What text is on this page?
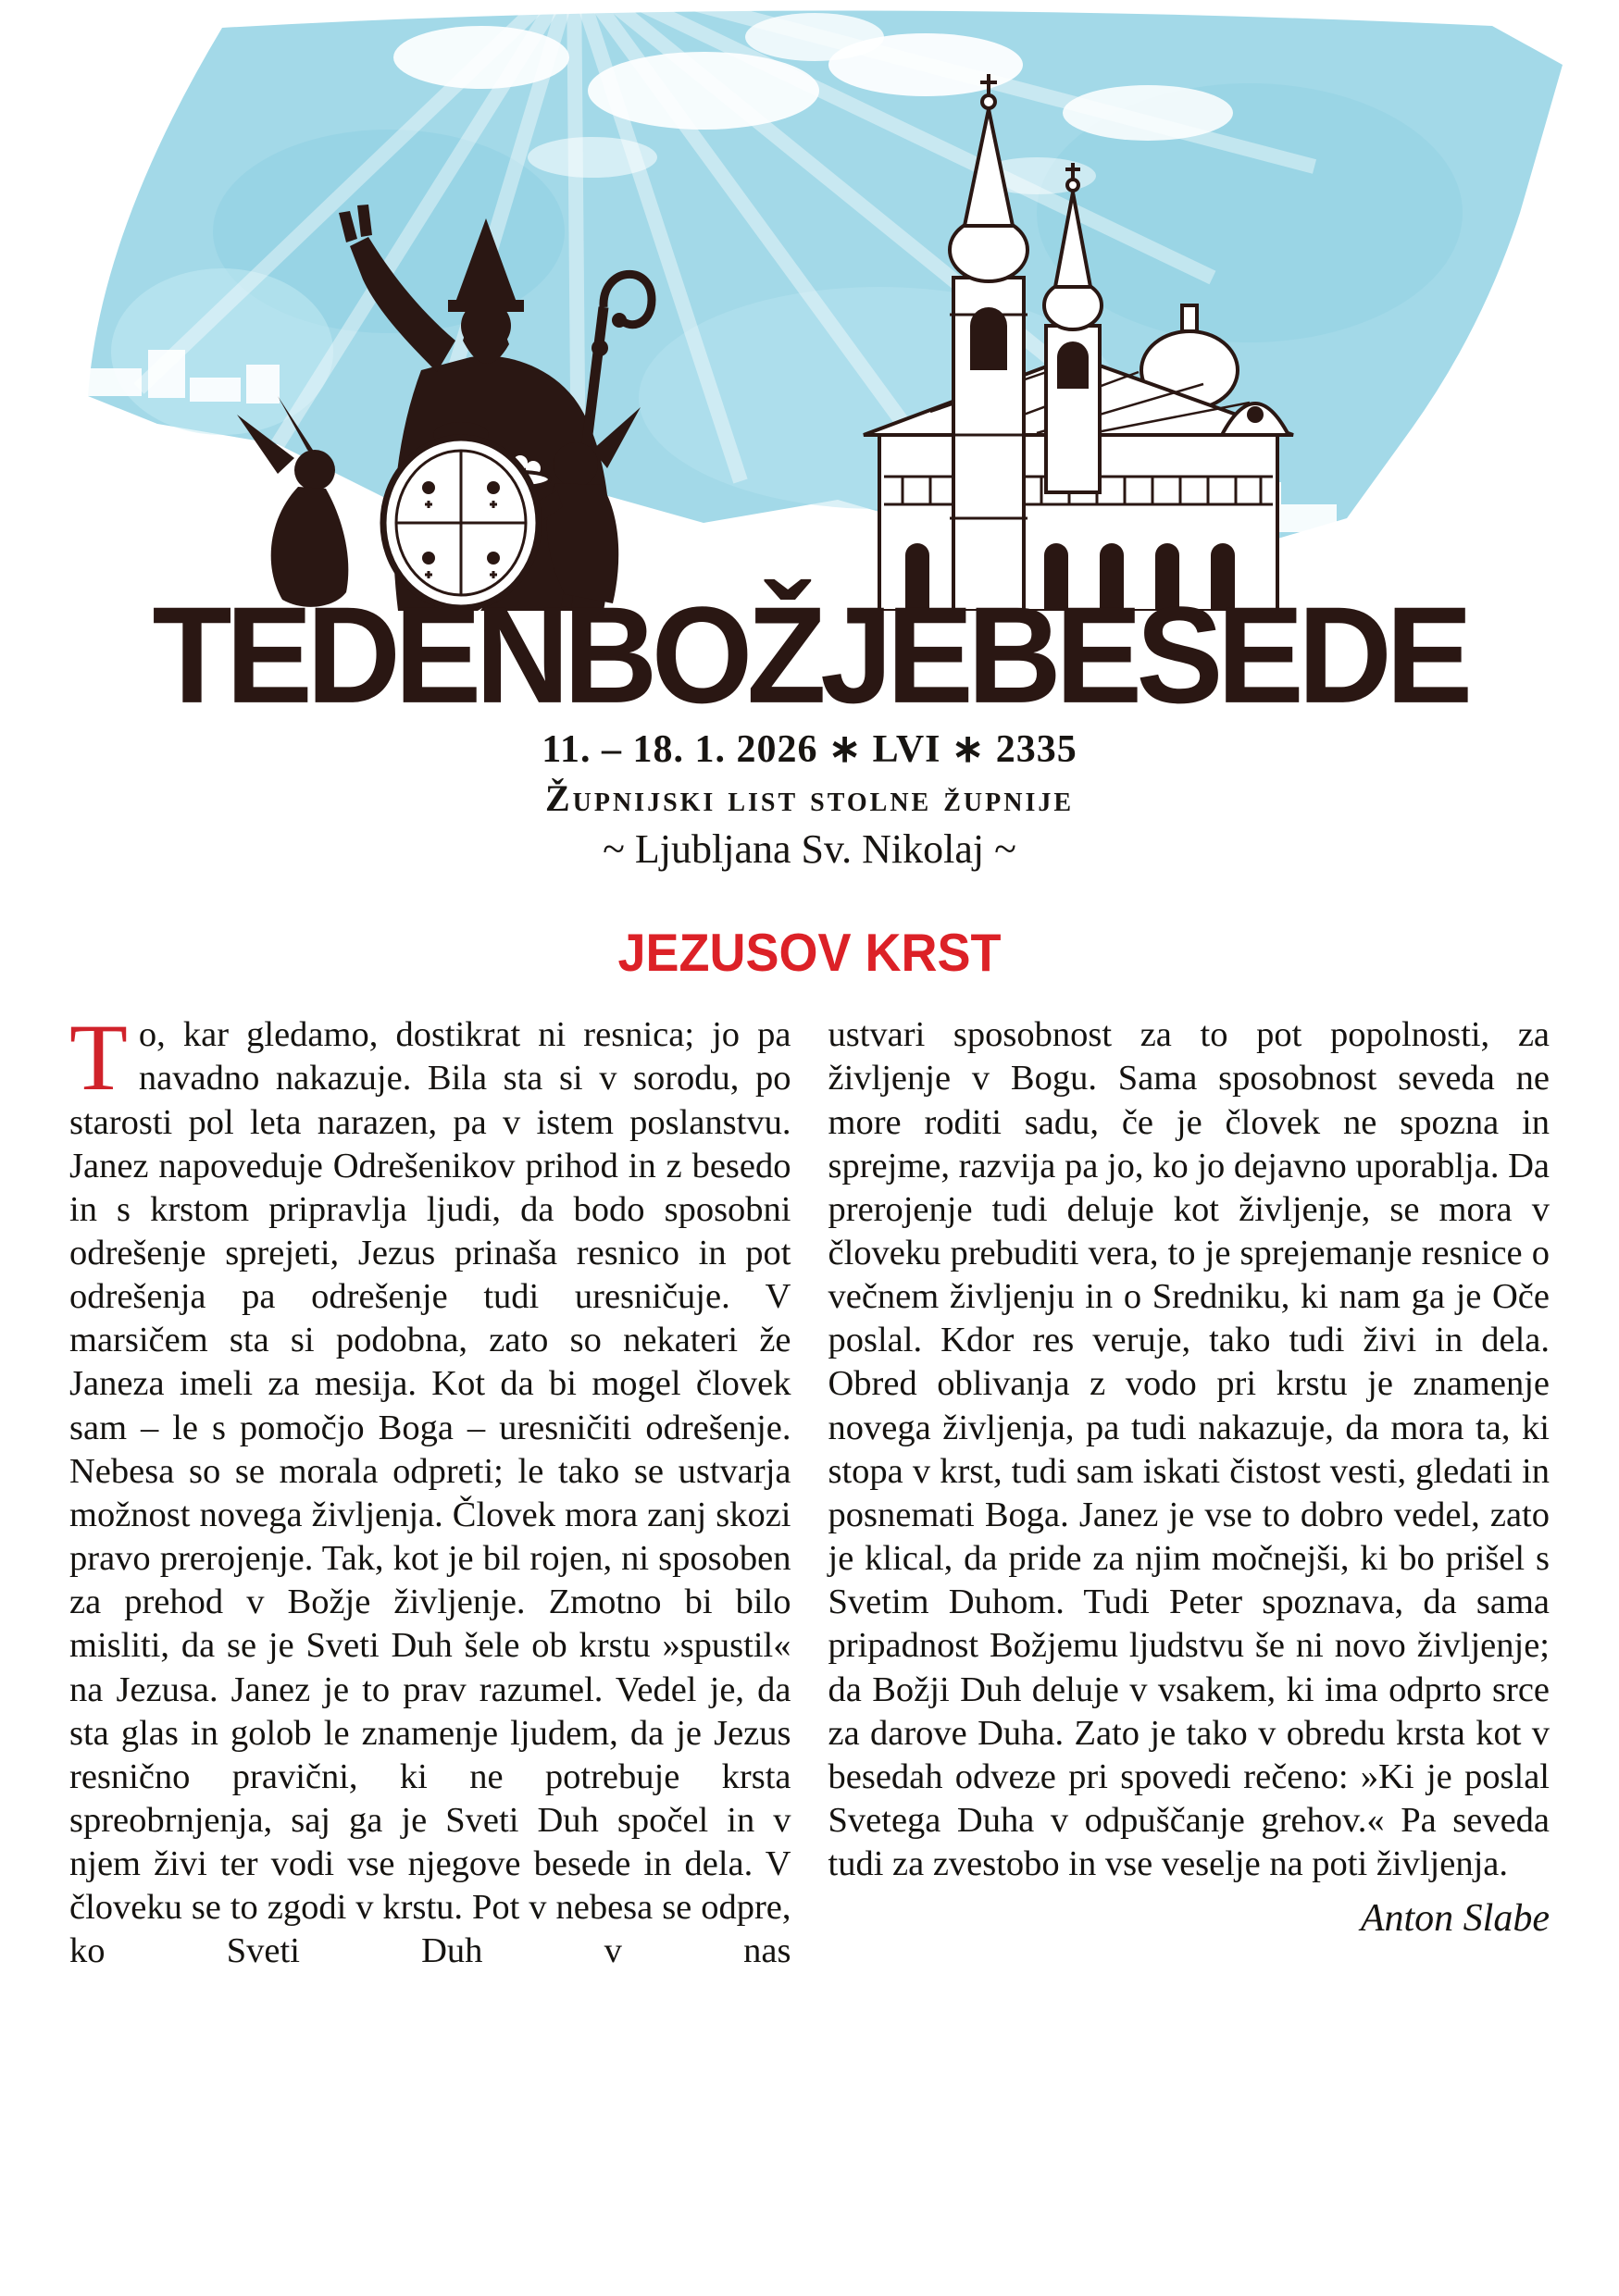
TEDENBOŽJEBESEDE
11. – 18. 1. 2026 ∗ LVI ∗ 2335
Župnijski list stolne župnije
~ Ljubljana Sv. Nikolaj ~
JEZUSOV KRST

To, kar gledamo, dostikrat ni resnica; jo pa navadno nakazuje. Bila sta si v sorodu, po starosti pol leta narazen, pa v istem poslanstvu. Janez napoveduje Odrešenikov prihod in z besedo in s krstom pripravlja ljudi, da bodo sposobni odrešenje sprejeti, Jezus prinaša resnico in pot odrešenja pa odrešenje tudi uresničuje. V marsičem sta si podobna, zato so nekateri že Janeza imeli za mesija. Kot da bi mogel človek sam – le s pomočjo Boga – uresničiti odrešenje. Nebesa so se morala odpreti; le tako se ustvarja možnost novega življenja. Človek mora zanj skozi pravo prerojenje. Tak, kot je bil rojen, ni sposoben za prehod v Božje življenje. Zmotno bi bilo misliti, da se je Sveti Duh šele ob krstu »spustil« na Jezusa. Janez je to prav razumel. Vedel je, da sta glas in golob le znamenje ljudem, da je Jezus resnično pravični, ki ne potrebuje krsta spreobrnjenja, saj ga je Sveti Duh spočel in v njem živi ter vodi vse njegove besede in dela. V človeku se to zgodi v krstu. Pot v nebesa se odpre, ko Sveti Duh v nas

ustvari sposobnost za to pot popolnosti, za življenje v Bogu. Sama sposobnost seveda ne more roditi sadu, če je človek ne spozna in sprejme, razvija pa jo, ko jo dejavno uporablja. Da prerojenje tudi deluje kot življenje, se mora v človeku prebuditi vera, to je sprejemanje resnice o večnem življenju in o Sredniku, ki nam ga je Oče poslal. Kdor res veruje, tako tudi živi in dela. Obred oblivanja z vodo pri krstu je znamenje novega življenja, pa tudi nakazuje, da mora ta, ki stopa v krst, tudi sam iskati čistost vesti, gledati in posnemati Boga. Janez je vse to dobro vedel, zato je klical, da pride za njim močnejši, ki bo prišel s Svetim Duhom. Tudi Peter spoznava, da sama pripadnost Božjemu ljudstvu še ni novo življenje; da Božji Duh deluje v vsakem, ki ima odprto srce za darove Duha. Zato je tako v obredu krsta kot v besedah odveze pri spovedi rečeno: »Ki je poslal Svetega Duha v odpuščanje grehov.« Pa seveda tudi za zvestobo in vse veselje na poti življenja.

Anton Slabe
